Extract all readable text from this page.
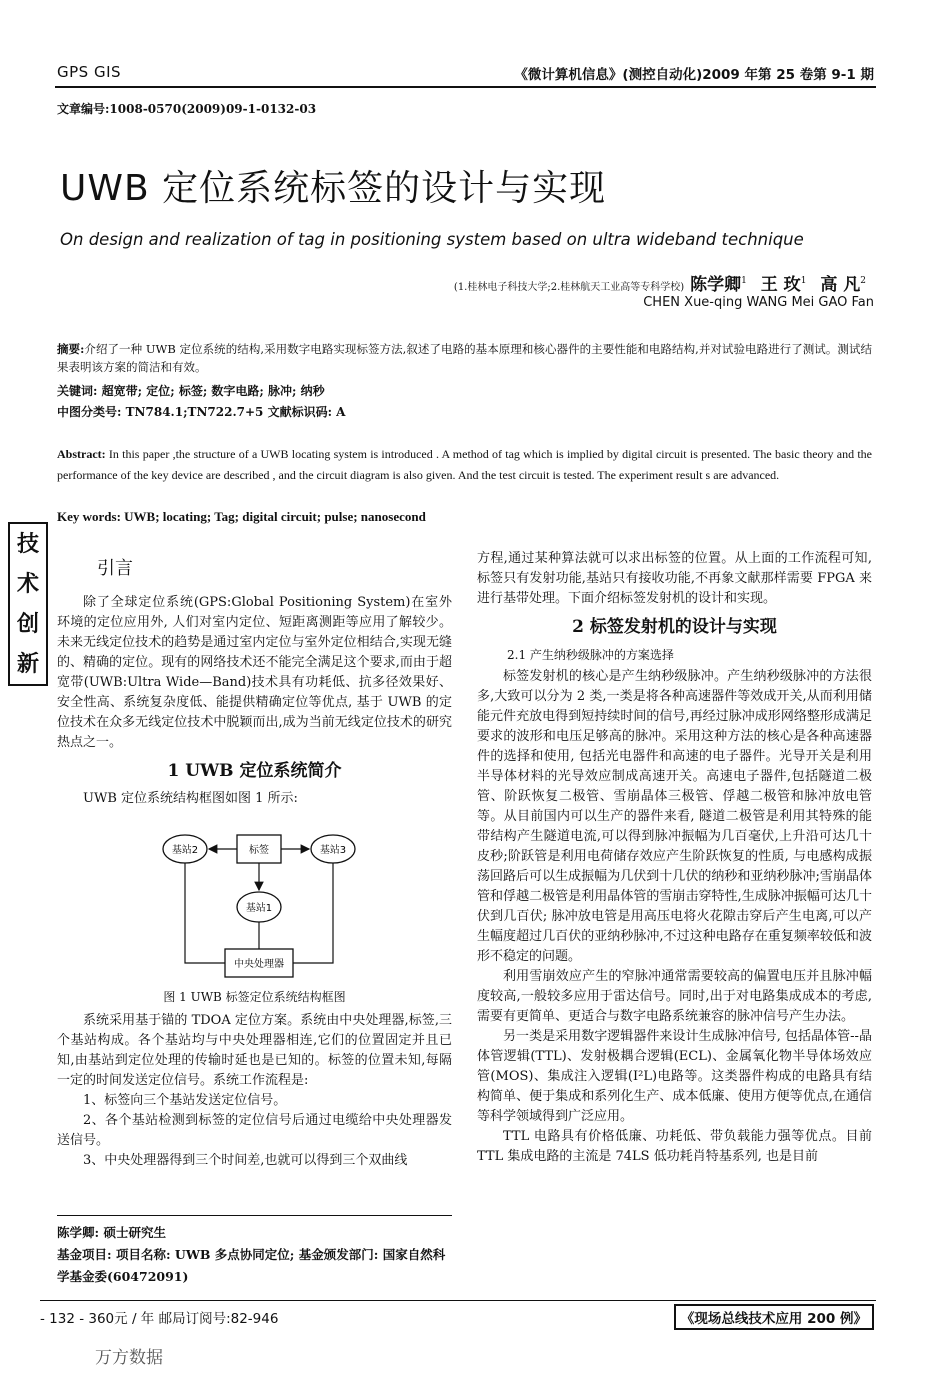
GPS GIS	《微计算机信息》(测控自动化)2009 年第 25 卷第 9-1 期
文章编号:1008-0570(2009)09-1-0132-03
UWB 定位系统标签的设计与实现
On design and realization of tag in positioning system based on ultra wideband technique
(1.桂林电子科技大学;2.桂林航天工业高等专科学校) 陈学卿$^1$ 王 玫$^1$ 高 凡$^2$
CHEN Xue-qing WANG Mei GAO Fan
摘要:介绍了一种 UWB 定位系统的结构,采用数字电路实现标签方法,叙述了电路的基本原理和核心器件的主要性能和电路结构,并对试验电路进行了测试。测试结果表明该方案的简洁和有效。
关键词: 超宽带; 定位; 标签; 数字电路; 脉冲; 纳秒
中图分类号: TN784.1;TN722.7+5 文献标识码: A
Abstract: In this paper ,the structure of a UWB locating system is introduced . A method of tag which is implied by digital circuit is presented. The basic theory and the performance of the key device are described , and the circuit diagram is also given. And the test circuit is tested. The experiment result s are advanced.
Key words: UWB; locating; Tag; digital circuit; pulse; nanosecond
技
术
创
新
引言

除了全球定位系统(GPS:Global Positioning System)在室外环境的定位应用外, 人们对室内定位、短距离测距等应用了解较少。未来无线定位技术的趋势是通过室内定位与室外定位相结合,实现无缝的、精确的定位。现有的网络技术还不能完全满足这个要求,而由于超宽带(UWB:Ultra Wide—Band)技术具有功耗低、抗多径效果好、安全性高、系统复杂度低、能提供精确定位等优点, 基于 UWB 的定位技术在众多无线定位技术中脱颖而出,成为当前无线定位技术的研究热点之一。

1 UWB 定位系统简介

UWB 定位系统结构框图如图 1 所示:

基站2	标签	基站3
基站1
中央处理器
图 1 UWB 标签定位系统结构框图

系统采用基于锚的 TDOA 定位方案。系统由中央处理器,标签,三个基站构成。各个基站均与中央处理器相连,它们的位置固定并且已知,由基站到定位处理的传输时延也是已知的。标签的位置未知,每隔一定的时间发送定位信号。系统工作流程是:

1、标签向三个基站发送定位信号。

2、各个基站检测到标签的定位信号后通过电缆给中央处理器发送信号。

3、中央处理器得到三个时间差,也就可以得到三个双曲线

陈学卿: 硕士研究生
基金项目: 项目名称: UWB 多点协同定位; 基金颁发部门: 国家自然科学基金委(60472091)

方程,通过某种算法就可以求出标签的位置。从上面的工作流程可知,标签只有发射功能,基站只有接收功能,不再象文献那样需要 FPGA 来进行基带处理。下面介绍标签发射机的设计和实现。

2 标签发射机的设计与实现
2.1 产生纳秒级脉冲的方案选择

标签发射机的核心是产生纳秒级脉冲。产生纳秒级脉冲的方法很多,大致可以分为 2 类,一类是将各种高速器件等效成开关,从而利用储能元件充放电得到短持续时间的信号,再经过脉冲成形网络整形成满足要求的波形和电压足够高的脉冲。采用这种方法的核心是各种高速器件的选择和使用, 包括光电器件和高速的电子器件。光导开关是利用半导体材料的光导效应制成高速开关。高速电子器件,包括隧道二极管、阶跃恢复二极管、雪崩晶体三极管、俘越二极管和脉冲放电管等。从目前国内可以生产的器件来看, 隧道二极管是利用其特殊的能带结构产生隧道电流,可以得到脉冲振幅为几百毫伏,上升沿可达几十皮秒;阶跃管是利用电荷储存效应产生阶跃恢复的性质, 与电感构成振荡回路后可以生成振幅为几伏到十几伏的纳秒和亚纳秒脉冲;雪崩晶体管和俘越二极管是利用晶体管的雪崩击穿特性,生成脉冲振幅可达几十伏到几百伏; 脉冲放电管是用高压电将火花隙击穿后产生电离,可以产生幅度超过几百伏的亚纳秒脉冲,不过这种电路存在重复频率较低和波形不稳定的问题。

利用雪崩效应产生的窄脉冲通常需要较高的偏置电压并且脉冲幅度较高,一般较多应用于雷达信号。同时,出于对电路集成成本的考虑,需要有更简单、更适合与数字电路系统兼容的脉冲信号产生办法。

另一类是采用数字逻辑器件来设计生成脉冲信号, 包括晶体管--晶体管逻辑(TTL)、发射极耦合逻辑(ECL)、金属氧化物半导体场效应管(MOS)、集成注入逻辑(I²L)电路等。这类器件构成的电路具有结构简单、便于集成和系列化生产、成本低廉、使用方便等优点,在通信等科学领域得到广泛应用。

TTL 电路具有价格低廉、功耗低、带负载能力强等优点。目前 TTL 集成电路的主流是 74LS 低功耗肖特基系列, 也是目前

- 132 - 360元 / 年 邮局订阅号:82-946	《现场总线技术应用 200 例》
万方数据
